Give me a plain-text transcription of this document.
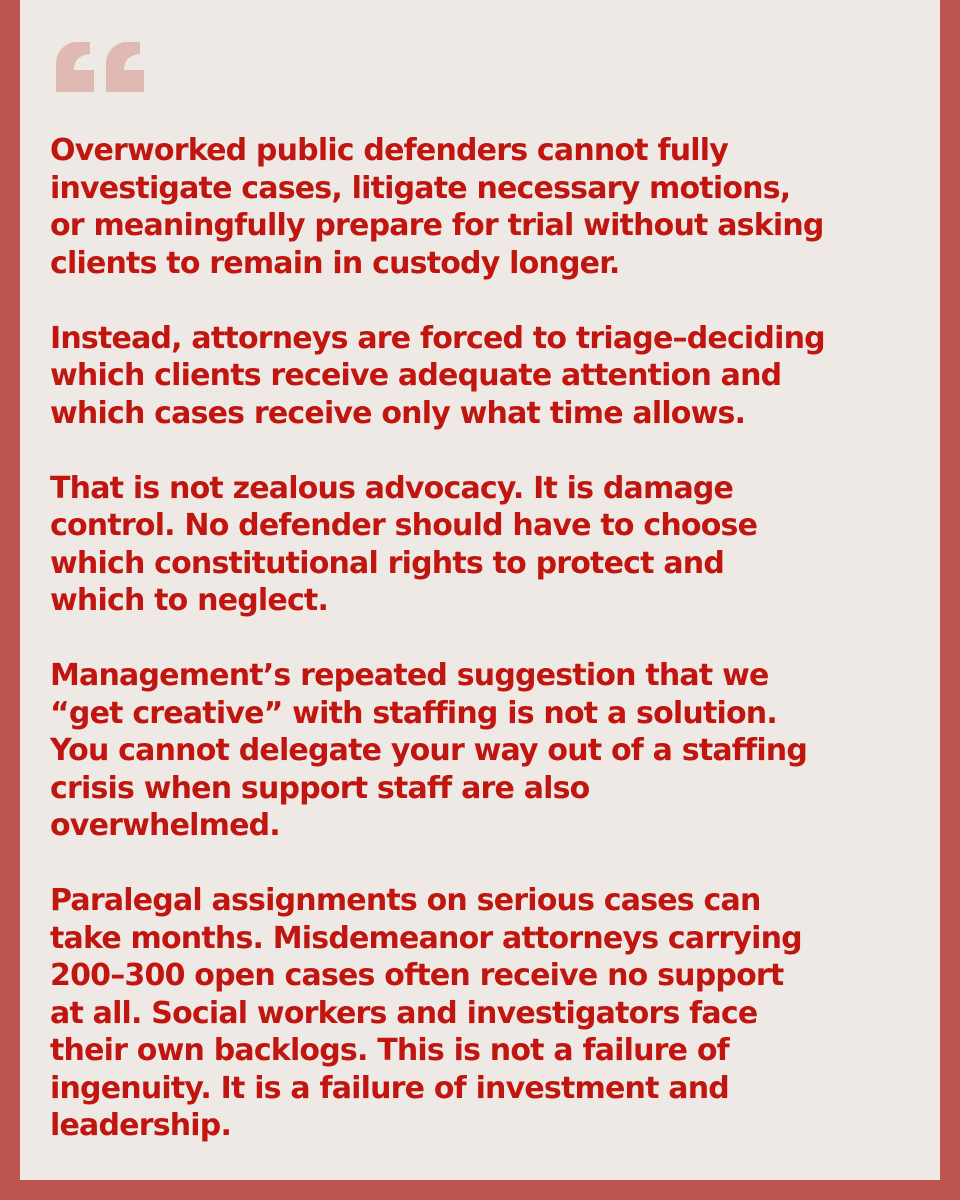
Overworked public defenders cannot fully
investigate cases, litigate necessary motions,
or meaningfully prepare for trial without asking
clients to remain in custody longer.

Instead, attorneys are forced to triage–deciding
which clients receive adequate attention and
which cases receive only what time allows.

That is not zealous advocacy. It is damage
control. No defender should have to choose
which constitutional rights to protect and
which to neglect.

Management’s repeated suggestion that we
“get creative” with staffing is not a solution.
You cannot delegate your way out of a staffing
crisis when support staff are also
overwhelmed.

Paralegal assignments on serious cases can
take months. Misdemeanor attorneys carrying
200–300 open cases often receive no support
at all. Social workers and investigators face
their own backlogs. This is not a failure of
ingenuity. It is a failure of investment and
leadership.
